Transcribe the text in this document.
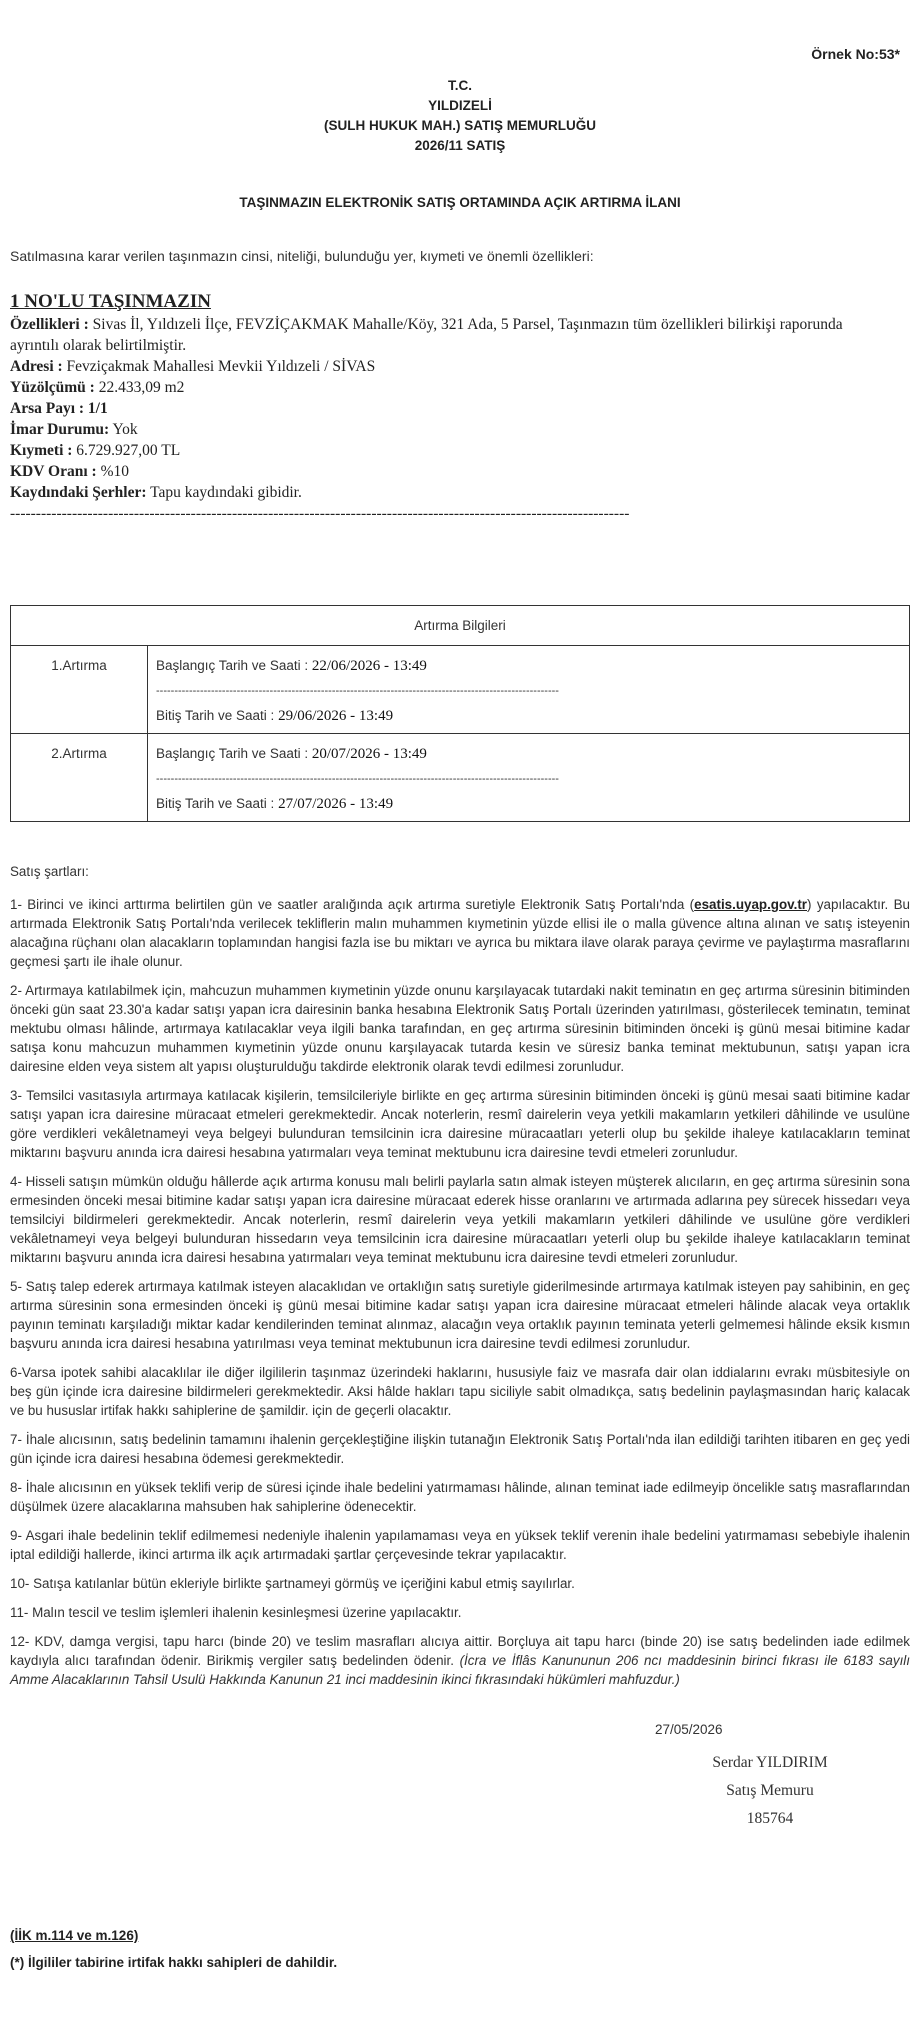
Örnek No:53*
T.C.
YILDIZELİ
(SULH HUKUK MAH.) SATIŞ MEMURLUĞU
2026/11 SATIŞ
TAŞINMAZIN ELEKTRONİK SATIŞ ORTAMINDA AÇIK ARTIRMA İLANI
Satılmasına karar verilen taşınmazın cinsi, niteliği, bulunduğu yer, kıymeti ve önemli özellikleri:
1 NO'LU TAŞINMAZIN
Özellikleri : Sivas İl, Yıldızeli İlçe, FEVZİÇAKMAK Mahalle/Köy, 321 Ada, 5 Parsel, Taşınmazın tüm özellikleri bilirkişi raporunda ayrıntılı olarak belirtilmiştir.
Adresi : Fevziçakmak Mahallesi Mevkii Yıldızeli / SİVAS
Yüzölçümü : 22.433,09 m2
Arsa Payı : 1/1
İmar Durumu: Yok
Kıymeti : 6.729.927,00 TL
KDV Oranı : %10
Kaydındaki Şerhler: Tapu kaydındaki gibidir.
------------------------------------------------------------------------------------------------------------------------
Artırma Bilgileri	
1.Artırma	Başlangıç Tarih ve Saati : 22/06/2026 - 13:49
--------------------------------------------------------------------------------------------------------------
Bitiş Tarih ve Saati : 29/06/2026 - 13:49

2.Artırma	Başlangıç Tarih ve Saati : 20/07/2026 - 13:49
--------------------------------------------------------------------------------------------------------------
Bitiş Tarih ve Saati : 27/07/2026 - 13:49

Satış şartları:

1- Birinci ve ikinci arttırma belirtilen gün ve saatler aralığında açık artırma suretiyle Elektronik Satış Portalı'nda (esatis.uyap.gov.tr) yapılacaktır. Bu artırmada Elektronik Satış Portalı'nda verilecek tekliflerin malın muhammen kıymetinin yüzde ellisi ile o malla güvence altına alınan ve satış isteyenin alacağına rüçhanı olan alacakların toplamından hangisi fazla ise bu miktarı ve ayrıca bu miktara ilave olarak paraya çevirme ve paylaştırma masraflarını geçmesi şartı ile ihale olunur.

2- Artırmaya katılabilmek için, mahcuzun muhammen kıymetinin yüzde onunu karşılayacak tutardaki nakit teminatın en geç artırma süresinin bitiminden önceki gün saat 23.30'a kadar satışı yapan icra dairesinin banka hesabına Elektronik Satış Portalı üzerinden yatırılması, gösterilecek teminatın, teminat mektubu olması hâlinde, artırmaya katılacaklar veya ilgili banka tarafından, en geç artırma süresinin bitiminden önceki iş günü mesai bitimine kadar satışa konu mahcuzun muhammen kıymetinin yüzde onunu karşılayacak tutarda kesin ve süresiz banka teminat mektubunun, satışı yapan icra dairesine elden veya sistem alt yapısı oluşturulduğu takdirde elektronik olarak tevdi edilmesi zorunludur.

3- Temsilci vasıtasıyla artırmaya katılacak kişilerin, temsilcileriyle birlikte en geç artırma süresinin bitiminden önceki iş günü mesai saati bitimine kadar satışı yapan icra dairesine müracaat etmeleri gerekmektedir. Ancak noterlerin, resmî dairelerin veya yetkili makamların yetkileri dâhilinde ve usulüne göre verdikleri vekâletnameyi veya belgeyi bulunduran temsilcinin icra dairesine müracaatları yeterli olup bu şekilde ihaleye katılacakların teminat miktarını başvuru anında icra dairesi hesabına yatırmaları veya teminat mektubunu icra dairesine tevdi etmeleri zorunludur.

4- Hisseli satışın mümkün olduğu hâllerde açık artırma konusu malı belirli paylarla satın almak isteyen müşterek alıcıların, en geç artırma süresinin sona ermesinden önceki mesai bitimine kadar satışı yapan icra dairesine müracaat ederek hisse oranlarını ve artırmada adlarına pey sürecek hissedarı veya temsilciyi bildirmeleri gerekmektedir. Ancak noterlerin, resmî dairelerin veya yetkili makamların yetkileri dâhilinde ve usulüne göre verdikleri vekâletnameyi veya belgeyi bulunduran hissedarın veya temsilcinin icra dairesine müracaatları yeterli olup bu şekilde ihaleye katılacakların teminat miktarını başvuru anında icra dairesi hesabına yatırmaları veya teminat mektubunu icra dairesine tevdi etmeleri zorunludur.

5- Satış talep ederek artırmaya katılmak isteyen alacaklıdan ve ortaklığın satış suretiyle giderilmesinde artırmaya katılmak isteyen pay sahibinin, en geç artırma süresinin sona ermesinden önceki iş günü mesai bitimine kadar satışı yapan icra dairesine müracaat etmeleri hâlinde alacak veya ortaklık payının teminatı karşıladığı miktar kadar kendilerinden teminat alınmaz, alacağın veya ortaklık payının teminata yeterli gelmemesi hâlinde eksik kısmın başvuru anında icra dairesi hesabına yatırılması veya teminat mektubunun icra dairesine tevdi edilmesi zorunludur.

6-Varsa ipotek sahibi alacaklılar ile diğer ilgililerin taşınmaz üzerindeki haklarını, hususiyle faiz ve masrafa dair olan iddialarını evrakı müsbitesiyle on beş gün içinde icra dairesine bildirmeleri gerekmektedir. Aksi hâlde hakları tapu siciliyle sabit olmadıkça, satış bedelinin paylaşmasından hariç kalacak ve bu hususlar irtifak hakkı sahiplerine de şamildir. için de geçerli olacaktır.

7- İhale alıcısının, satış bedelinin tamamını ihalenin gerçekleştiğine ilişkin tutanağın Elektronik Satış Portalı'nda ilan edildiği tarihten itibaren en geç yedi gün içinde icra dairesi hesabına ödemesi gerekmektedir.

8- İhale alıcısının en yüksek teklifi verip de süresi içinde ihale bedelini yatırmaması hâlinde, alınan teminat iade edilmeyip öncelikle satış masraflarından düşülmek üzere alacaklarına mahsuben hak sahiplerine ödenecektir.

9- Asgari ihale bedelinin teklif edilmemesi nedeniyle ihalenin yapılamaması veya en yüksek teklif verenin ihale bedelini yatırmaması sebebiyle ihalenin iptal edildiği hallerde, ikinci artırma ilk açık artırmadaki şartlar çerçevesinde tekrar yapılacaktır.

10- Satışa katılanlar bütün ekleriyle birlikte şartnameyi görmüş ve içeriğini kabul etmiş sayılırlar.

11- Malın tescil ve teslim işlemleri ihalenin kesinleşmesi üzerine yapılacaktır.

12- KDV, damga vergisi, tapu harcı (binde 20) ve teslim masrafları alıcıya aittir. Borçluya ait tapu harcı (binde 20) ise satış bedelinden iade edilmek kaydıyla alıcı tarafından ödenir. Birikmiş vergiler satış bedelinden ödenir. (İcra ve İflâs Kanununun 206 ncı maddesinin birinci fıkrası ile 6183 sayılı Amme Alacaklarının Tahsil Usulü Hakkında Kanunun 21 inci maddesinin ikinci fıkrasındaki hükümleri mahfuzdur.)

27/05/2026
Serdar YILDIRIM
Satış Memuru
185764
(İİK m.114 ve m.126)
(*) İlgililer tabirine irtifak hakkı sahipleri de dahildir.
